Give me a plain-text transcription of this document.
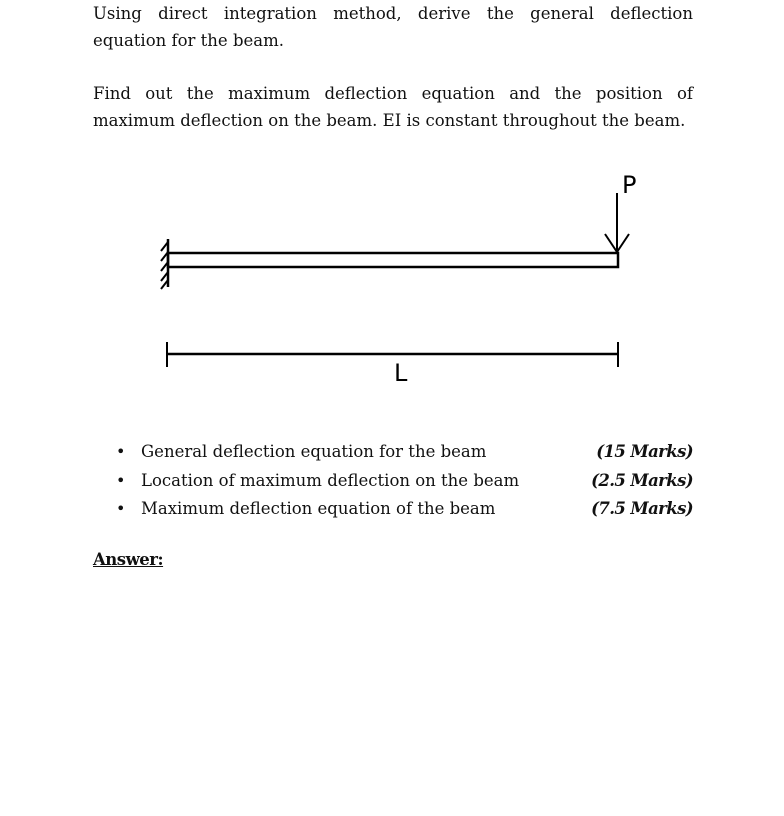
Using direct integration method, derive the general deflection equation for the beam.

Find out the maximum deflection equation and the position of maximum deflection on the beam. EI is constant throughout the beam.

P
L
• General deflection equation for the beam	(15 Marks)
• Location of maximum deflection on the beam	(2.5 Marks)
• Maximum deflection equation of the beam	(7.5 Marks)
Answer:
